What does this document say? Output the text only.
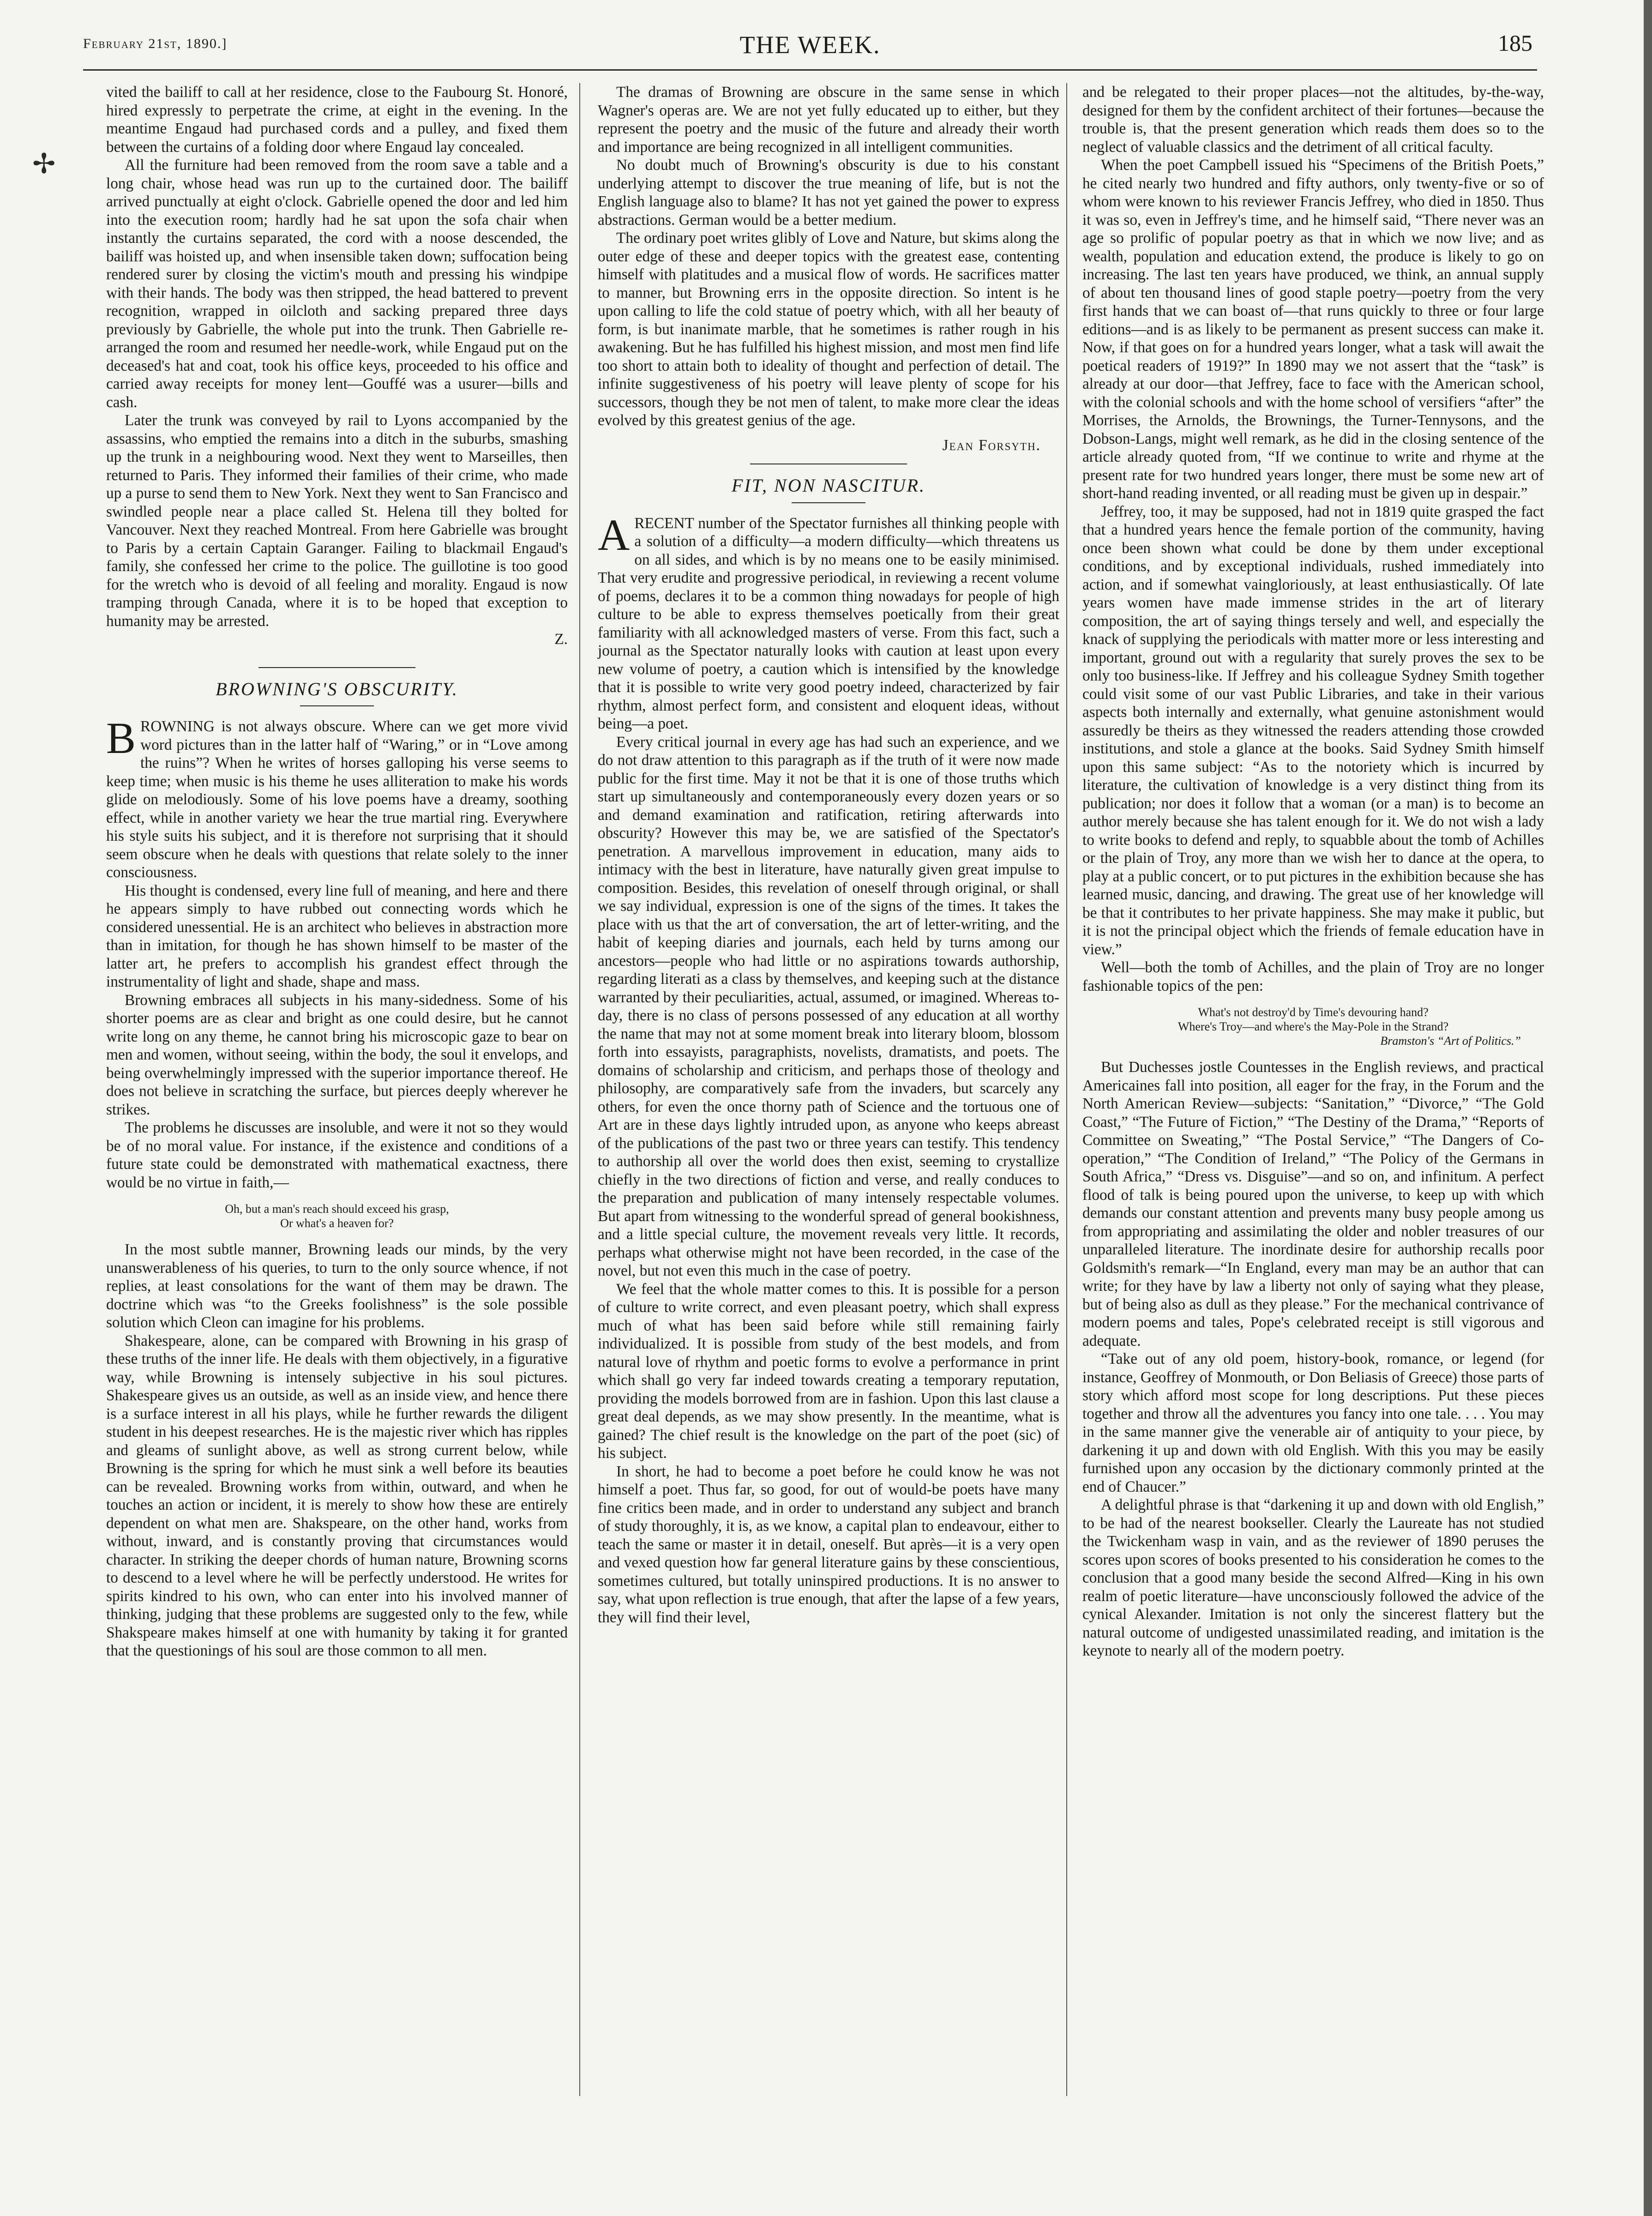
February 21st, 1890.]	THE WEEK.	185

vited the bailiff to call at her residence, close to the Faubourg St. Honoré, hired expressly to perpetrate the crime, at eight in the evening. In the meantime Engaud had purchased cords and a pulley, and fixed them between the curtains of a folding door where Engaud lay concealed.

All the furniture had been removed from the room save a table and a long chair, whose head was run up to the curtained door. The bailiff arrived punctually at eight o'clock. Gabrielle opened the door and led him into the execution room; hardly had he sat upon the sofa chair when instantly the curtains separated, the cord with a noose descended, the bailiff was hoisted up, and when insensible taken down; suffocation being rendered surer by closing the victim's mouth and pressing his windpipe with their hands. The body was then stripped, the head battered to prevent recognition, wrapped in oilcloth and sacking prepared three days previously by Gabrielle, the whole put into the trunk. Then Gabrielle re-arranged the room and resumed her needle-work, while Engaud put on the deceased's hat and coat, took his office keys, proceeded to his office and carried away receipts for money lent—Gouffé was a usurer—bills and cash.

Later the trunk was conveyed by rail to Lyons accompanied by the assassins, who emptied the remains into a ditch in the suburbs, smashing up the trunk in a neighbouring wood. Next they went to Marseilles, then returned to Paris. They informed their families of their crime, who made up a purse to send them to New York. Next they went to San Francisco and swindled people near a place called St. Helena till they bolted for Vancouver. Next they reached Montreal. From here Gabrielle was brought to Paris by a certain Captain Garanger. Failing to blackmail Engaud's family, she confessed her crime to the police. The guillotine is too good for the wretch who is devoid of all feeling and morality. Engaud is now tramping through Canada, where it is to be hoped that exception to humanity may be arrested.

Z.

BROWNING'S OBSCURITY.

BROWNING is not always obscure. Where can we get more vivid word pictures than in the latter half of “Waring,” or in “Love among the ruins”? When he writes of horses galloping his verse seems to keep time; when music is his theme he uses alliteration to make his words glide on melodiously. Some of his love poems have a dreamy, soothing effect, while in another variety we hear the true martial ring. Everywhere his style suits his subject, and it is therefore not surprising that it should seem obscure when he deals with questions that relate solely to the inner consciousness.

His thought is condensed, every line full of meaning, and here and there he appears simply to have rubbed out connecting words which he considered unessential. He is an architect who believes in abstraction more than in imitation, for though he has shown himself to be master of the latter art, he prefers to accomplish his grandest effect through the instrumentality of light and shade, shape and mass.

Browning embraces all subjects in his many-sidedness. Some of his shorter poems are as clear and bright as one could desire, but he cannot write long on any theme, he cannot bring his microscopic gaze to bear on men and women, without seeing, within the body, the soul it envelops, and being overwhelmingly impressed with the superior importance thereof. He does not believe in scratching the surface, but pierces deeply wherever he strikes.

The problems he discusses are insoluble, and were it not so they would be of no moral value. For instance, if the existence and conditions of a future state could be demonstrated with mathematical exactness, there would be no virtue in faith,—

Oh, but a man's reach should exceed his grasp,
Or what's a heaven for?

In the most subtle manner, Browning leads our minds, by the very unanswerableness of his queries, to turn to the only source whence, if not replies, at least consolations for the want of them may be drawn. The doctrine which was “to the Greeks foolishness” is the sole possible solution which Cleon can imagine for his problems.

Shakespeare, alone, can be compared with Browning in his grasp of these truths of the inner life. He deals with them objectively, in a figurative way, while Browning is intensely subjective in his soul pictures. Shakespeare gives us an outside, as well as an inside view, and hence there is a surface interest in all his plays, while he further rewards the diligent student in his deepest researches. He is the majestic river which has ripples and gleams of sunlight above, as well as strong current below, while Browning is the spring for which he must sink a well before its beauties can be revealed. Browning works from within, outward, and when he touches an action or incident, it is merely to show how these are entirely dependent on what men are. Shakspeare, on the other hand, works from without, inward, and is constantly proving that circumstances would character. In striking the deeper chords of human nature, Browning scorns to descend to a level where he will be perfectly understood. He writes for spirits kindred to his own, who can enter into his involved manner of thinking, judging that these problems are suggested only to the few, while Shakspeare makes himself at one with humanity by taking it for granted that the questionings of his soul are those common to all men.

The dramas of Browning are obscure in the same sense in which Wagner's operas are. We are not yet fully educated up to either, but they represent the poetry and the music of the future and already their worth and importance are being recognized in all intelligent communities.

No doubt much of Browning's obscurity is due to his constant underlying attempt to discover the true meaning of life, but is not the English language also to blame? It has not yet gained the power to express abstractions. German would be a better medium.

The ordinary poet writes glibly of Love and Nature, but skims along the outer edge of these and deeper topics with the greatest ease, contenting himself with platitudes and a musical flow of words. He sacrifices matter to manner, but Browning errs in the opposite direction. So intent is he upon calling to life the cold statue of poetry which, with all her beauty of form, is but inanimate marble, that he sometimes is rather rough in his awakening. But he has fulfilled his highest mission, and most men find life too short to attain both to ideality of thought and perfection of detail. The infinite suggestiveness of his poetry will leave plenty of scope for his successors, though they be not men of talent, to make more clear the ideas evolved by this greatest genius of the age.

Jean Forsyth.

FIT, NON NASCITUR.

ARECENT number of the Spectator furnishes all thinking people with a solution of a difficulty—a modern difficulty—which threatens us on all sides, and which is by no means one to be easily minimised. That very erudite and progressive periodical, in reviewing a recent volume of poems, declares it to be a common thing nowadays for people of high culture to be able to express themselves poetically from their great familiarity with all acknowledged masters of verse. From this fact, such a journal as the Spectator naturally looks with caution at least upon every new volume of poetry, a caution which is intensified by the knowledge that it is possible to write very good poetry indeed, characterized by fair rhythm, almost perfect form, and consistent and eloquent ideas, without being—a poet.

Every critical journal in every age has had such an experience, and we do not draw attention to this paragraph as if the truth of it were now made public for the first time. May it not be that it is one of those truths which start up simultaneously and contemporaneously every dozen years or so and demand examination and ratification, retiring afterwards into obscurity? However this may be, we are satisfied of the Spectator's penetration. A marvellous improvement in education, many aids to intimacy with the best in literature, have naturally given great impulse to composition. Besides, this revelation of oneself through original, or shall we say individual, expression is one of the signs of the times. It takes the place with us that the art of conversation, the art of letter-writing, and the habit of keeping diaries and journals, each held by turns among our ancestors—people who had little or no aspirations towards authorship, regarding literati as a class by themselves, and keeping such at the distance warranted by their peculiarities, actual, assumed, or imagined. Whereas to-day, there is no class of persons possessed of any education at all worthy the name that may not at some moment break into literary bloom, blossom forth into essayists, paragraphists, novelists, dramatists, and poets. The domains of scholarship and criticism, and perhaps those of theology and philosophy, are comparatively safe from the invaders, but scarcely any others, for even the once thorny path of Science and the tortuous one of Art are in these days lightly intruded upon, as anyone who keeps abreast of the publications of the past two or three years can testify. This tendency to authorship all over the world does then exist, seeming to crystallize chiefly in the two directions of fiction and verse, and really conduces to the preparation and publication of many intensely respectable volumes. But apart from witnessing to the wonderful spread of general bookishness, and a little special culture, the movement reveals very little. It records, perhaps what otherwise might not have been recorded, in the case of the novel, but not even this much in the case of poetry.

We feel that the whole matter comes to this. It is possible for a person of culture to write correct, and even pleasant poetry, which shall express much of what has been said before while still remaining fairly individualized. It is possible from study of the best models, and from natural love of rhythm and poetic forms to evolve a performance in print which shall go very far indeed towards creating a temporary reputation, providing the models borrowed from are in fashion. Upon this last clause a great deal depends, as we may show presently. In the meantime, what is gained? The chief result is the knowledge on the part of the poet (sic) of his subject.

In short, he had to become a poet before he could know he was not himself a poet. Thus far, so good, for out of would-be poets have many fine critics been made, and in order to understand any subject and branch of study thoroughly, it is, as we know, a capital plan to endeavour, either to teach the same or master it in detail, oneself. But après—it is a very open and vexed question how far general literature gains by these conscientious, sometimes cultured, but totally uninspired productions. It is no answer to say, what upon reflection is true enough, that after the lapse of a few years, they will find their level,

and be relegated to their proper places—not the altitudes, by-the-way, designed for them by the confident architect of their fortunes—because the trouble is, that the present generation which reads them does so to the neglect of valuable classics and the detriment of all critical faculty.

When the poet Campbell issued his “Specimens of the British Poets,” he cited nearly two hundred and fifty authors, only twenty-five or so of whom were known to his reviewer Francis Jeffrey, who died in 1850. Thus it was so, even in Jeffrey's time, and he himself said, “There never was an age so prolific of popular poetry as that in which we now live; and as wealth, population and education extend, the produce is likely to go on increasing. The last ten years have produced, we think, an annual supply of about ten thousand lines of good staple poetry—poetry from the very first hands that we can boast of—that runs quickly to three or four large editions—and is as likely to be permanent as present success can make it. Now, if that goes on for a hundred years longer, what a task will await the poetical readers of 1919?” In 1890 may we not assert that the “task” is already at our door—that Jeffrey, face to face with the American school, with the colonial schools and with the home school of versifiers “after” the Morrises, the Arnolds, the Brownings, the Turner-Tennysons, and the Dobson-Langs, might well remark, as he did in the closing sentence of the article already quoted from, “If we continue to write and rhyme at the present rate for two hundred years longer, there must be some new art of short-hand reading invented, or all reading must be given up in despair.”

Jeffrey, too, it may be supposed, had not in 1819 quite grasped the fact that a hundred years hence the female portion of the community, having once been shown what could be done by them under exceptional conditions, and by exceptional individuals, rushed immediately into action, and if somewhat vaingloriously, at least enthusiastically. Of late years women have made immense strides in the art of literary composition, the art of saying things tersely and well, and especially the knack of supplying the periodicals with matter more or less interesting and important, ground out with a regularity that surely proves the sex to be only too business-like. If Jeffrey and his colleague Sydney Smith together could visit some of our vast Public Libraries, and take in their various aspects both internally and externally, what genuine astonishment would assuredly be theirs as they witnessed the readers attending those crowded institutions, and stole a glance at the books. Said Sydney Smith himself upon this same subject: “As to the notoriety which is incurred by literature, the cultivation of knowledge is a very distinct thing from its publication; nor does it follow that a woman (or a man) is to become an author merely because she has talent enough for it. We do not wish a lady to write books to defend and reply, to squabble about the tomb of Achilles or the plain of Troy, any more than we wish her to dance at the opera, to play at a public concert, or to put pictures in the exhibition because she has learned music, dancing, and drawing. The great use of her knowledge will be that it contributes to her private happiness. She may make it public, but it is not the principal object which the friends of female education have in view.”

Well—both the tomb of Achilles, and the plain of Troy are no longer fashionable topics of the pen:

What's not destroy'd by Time's devouring hand?
Where's Troy—and where's the May-Pole in the Strand?
Bramston's “Art of Politics.”

But Duchesses jostle Countesses in the English reviews, and practical Americaines fall into position, all eager for the fray, in the Forum and the North American Review—subjects: “Sanitation,” “Divorce,” “The Gold Coast,” “The Future of Fiction,” “The Destiny of the Drama,” “Reports of Committee on Sweating,” “The Postal Service,” “The Dangers of Co-operation,” “The Condition of Ireland,” “The Policy of the Germans in South Africa,” “Dress vs. Disguise”—and so on, and infinitum. A perfect flood of talk is being poured upon the universe, to keep up with which demands our constant attention and prevents many busy people among us from appropriating and assimilating the older and nobler treasures of our unparalleled literature. The inordinate desire for authorship recalls poor Goldsmith's remark—“In England, every man may be an author that can write; for they have by law a liberty not only of saying what they please, but of being also as dull as they please.” For the mechanical contrivance of modern poems and tales, Pope's celebrated receipt is still vigorous and adequate.

“Take out of any old poem, history-book, romance, or legend (for instance, Geoffrey of Monmouth, or Don Beliasis of Greece) those parts of story which afford most scope for long descriptions. Put these pieces together and throw all the adventures you fancy into one tale. . . . You may in the same manner give the venerable air of antiquity to your piece, by darkening it up and down with old English. With this you may be easily furnished upon any occasion by the dictionary commonly printed at the end of Chaucer.”

A delightful phrase is that “darkening it up and down with old English,” to be had of the nearest bookseller. Clearly the Laureate has not studied the Twickenham wasp in vain, and as the reviewer of 1890 peruses the scores upon scores of books presented to his consideration he comes to the conclusion that a good many beside the second Alfred—King in his own realm of poetic literature—have unconsciously followed the advice of the cynical Alexander. Imitation is not only the sincerest flattery but the natural outcome of undigested unassimilated reading, and imitation is the keynote to nearly all of the modern poetry.

✢
